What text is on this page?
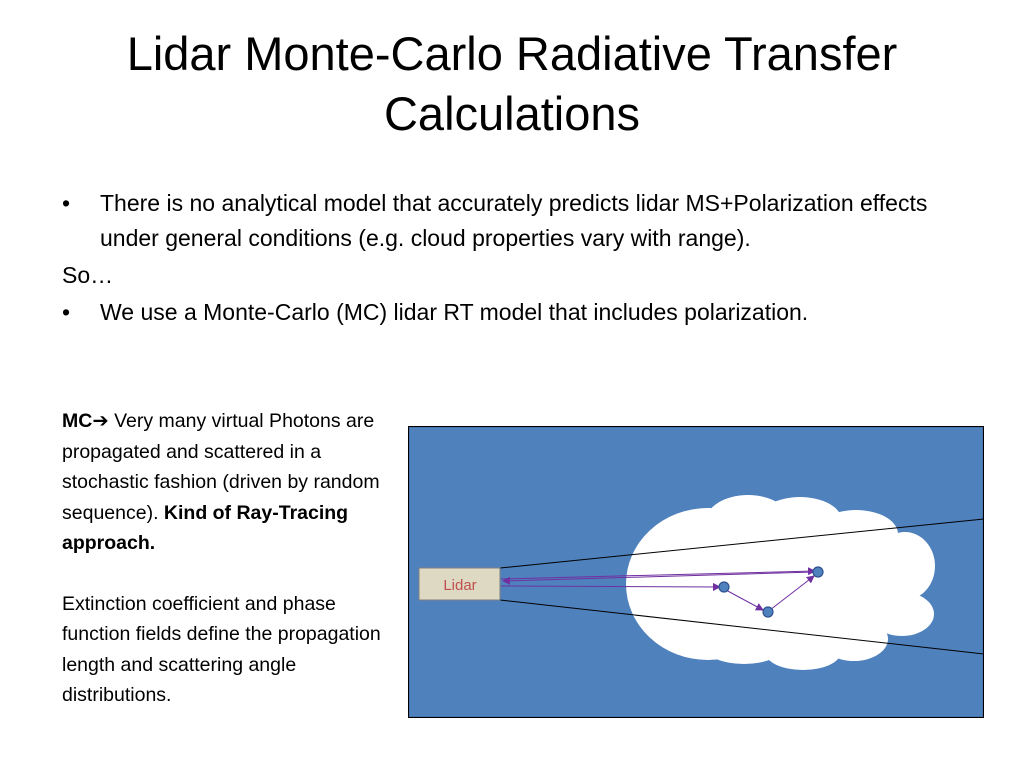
Lidar Monte-Carlo Radiative Transfer Calculations
• There is no analytical model that accurately predicts lidar MS+Polarization effects under general conditions (e.g. cloud properties vary with range).
So…
• We use a Monte-Carlo (MC) lidar RT model that includes polarization.

MC➔ Very many virtual Photons are propagated and scattered in a stochastic fashion (driven by random sequence). Kind of Ray-Tracing approach.

Extinction coefficient and phase function fields define the propagation length and scattering angle distributions.

Lidar
